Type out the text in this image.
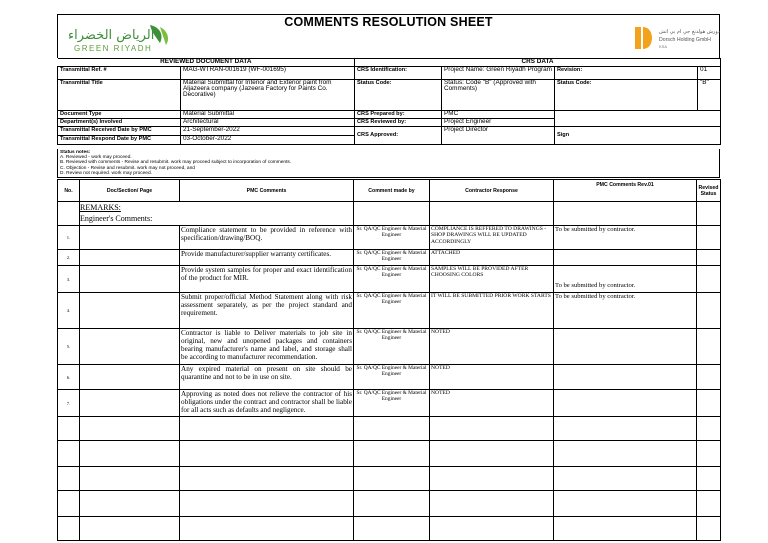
COMMENTS RESOLUTION SHEET
الرياض الخضراء
GREEN RIYADH
دورش هولدنغ جي ام بي اتش
Dorsch Holding GmbH
KSA
REVIEWED DOCUMENT DATA		CRS DATA			
Transmittal Ref. #	MAG-WTRAN-001619 (WF-001695)	CRS Identification:	Project Name: Green Riyadh Program	Revision:	01
Transmittal Title	Material Submittal for Interior and Exterior paint from Aljazeera company (Jazeera Factory for Paints Co. Decorative)	Status Code:	Status: Code "B" (Approved with Comments)	Status Code:	"B"
Document Type	Material Submittal	CRS Prepared by:	PMC		
Department(s) Involved	Architectural	CRS Reviewed by:	Project Engineer		
Transmittal Received Date by PMC	21-September-2022	CRS Approved:	Project Director	Sign	
Transmittal Respond Date by PMC	03-October-2022				
Status notes:
A. Reviewed - work may proceed.
B. Reviewed with comments - Revise and resubmit. work may proceed subject to incorporation of comments.
C. Objection - Revise and resubmit. work may not proceed, and
D. Review not required. work may proceed.
No.	Doc/Section/ Page	PMC Comments	Comment made by	Contractor Response	PMC Comments Rev.01	Revised Status

	REMARKS:
Engineer's Comments:					

1.		Compliance statement to be provided in reference with specification/drawing/BOQ.	Sr. QA/QC Engineer & Material Engineer	COMPLIANCE IS REFFERED TO DRAWINGS - SHOP DRAWINGS WILL BE UPDATED ACCORDINGLY	To be submitted by contractor.	
2.		Provide manufacturer/supplier warranty certificates.	Sr. QA/QC Engineer & Material Engineer	ATTACHED		
3.		Provide system samples for proper and exact identification of the product for MIR.	Sr. QA/QC Engineer & Material Engineer	SAMPLES WILL BE PROVIDED AFTER CHOOSING COLORS	To be submitted by contractor.	
4.		Submit proper/official Method Statement along with risk assessment separately, as per the project standard and requirement.	Sr. QA/QC Engineer & Material Engineer	IT WILL BE SUBMITTED PRIOR WORK STARTS	To be submitted by contractor.	
5.		Contractor is liable to Deliver materials to job site in original, new and unopened packages and containers bearing manufacturer's name and label, and storage shall be according to manufacturer recommendation.	Sr. QA/QC Engineer & Material Engineer	NOTED		
6.		Any expired material on present on site should be quarantine and not to be in use on site.	Sr. QA/QC Engineer & Material Engineer	NOTED		
7.		Approving as noted does not relieve the contractor of his obligations under the contract and contractor shall be liable for all acts such as defaults and negligence.	Sr. QA/QC Engineer & Material Engineer	NOTED		
